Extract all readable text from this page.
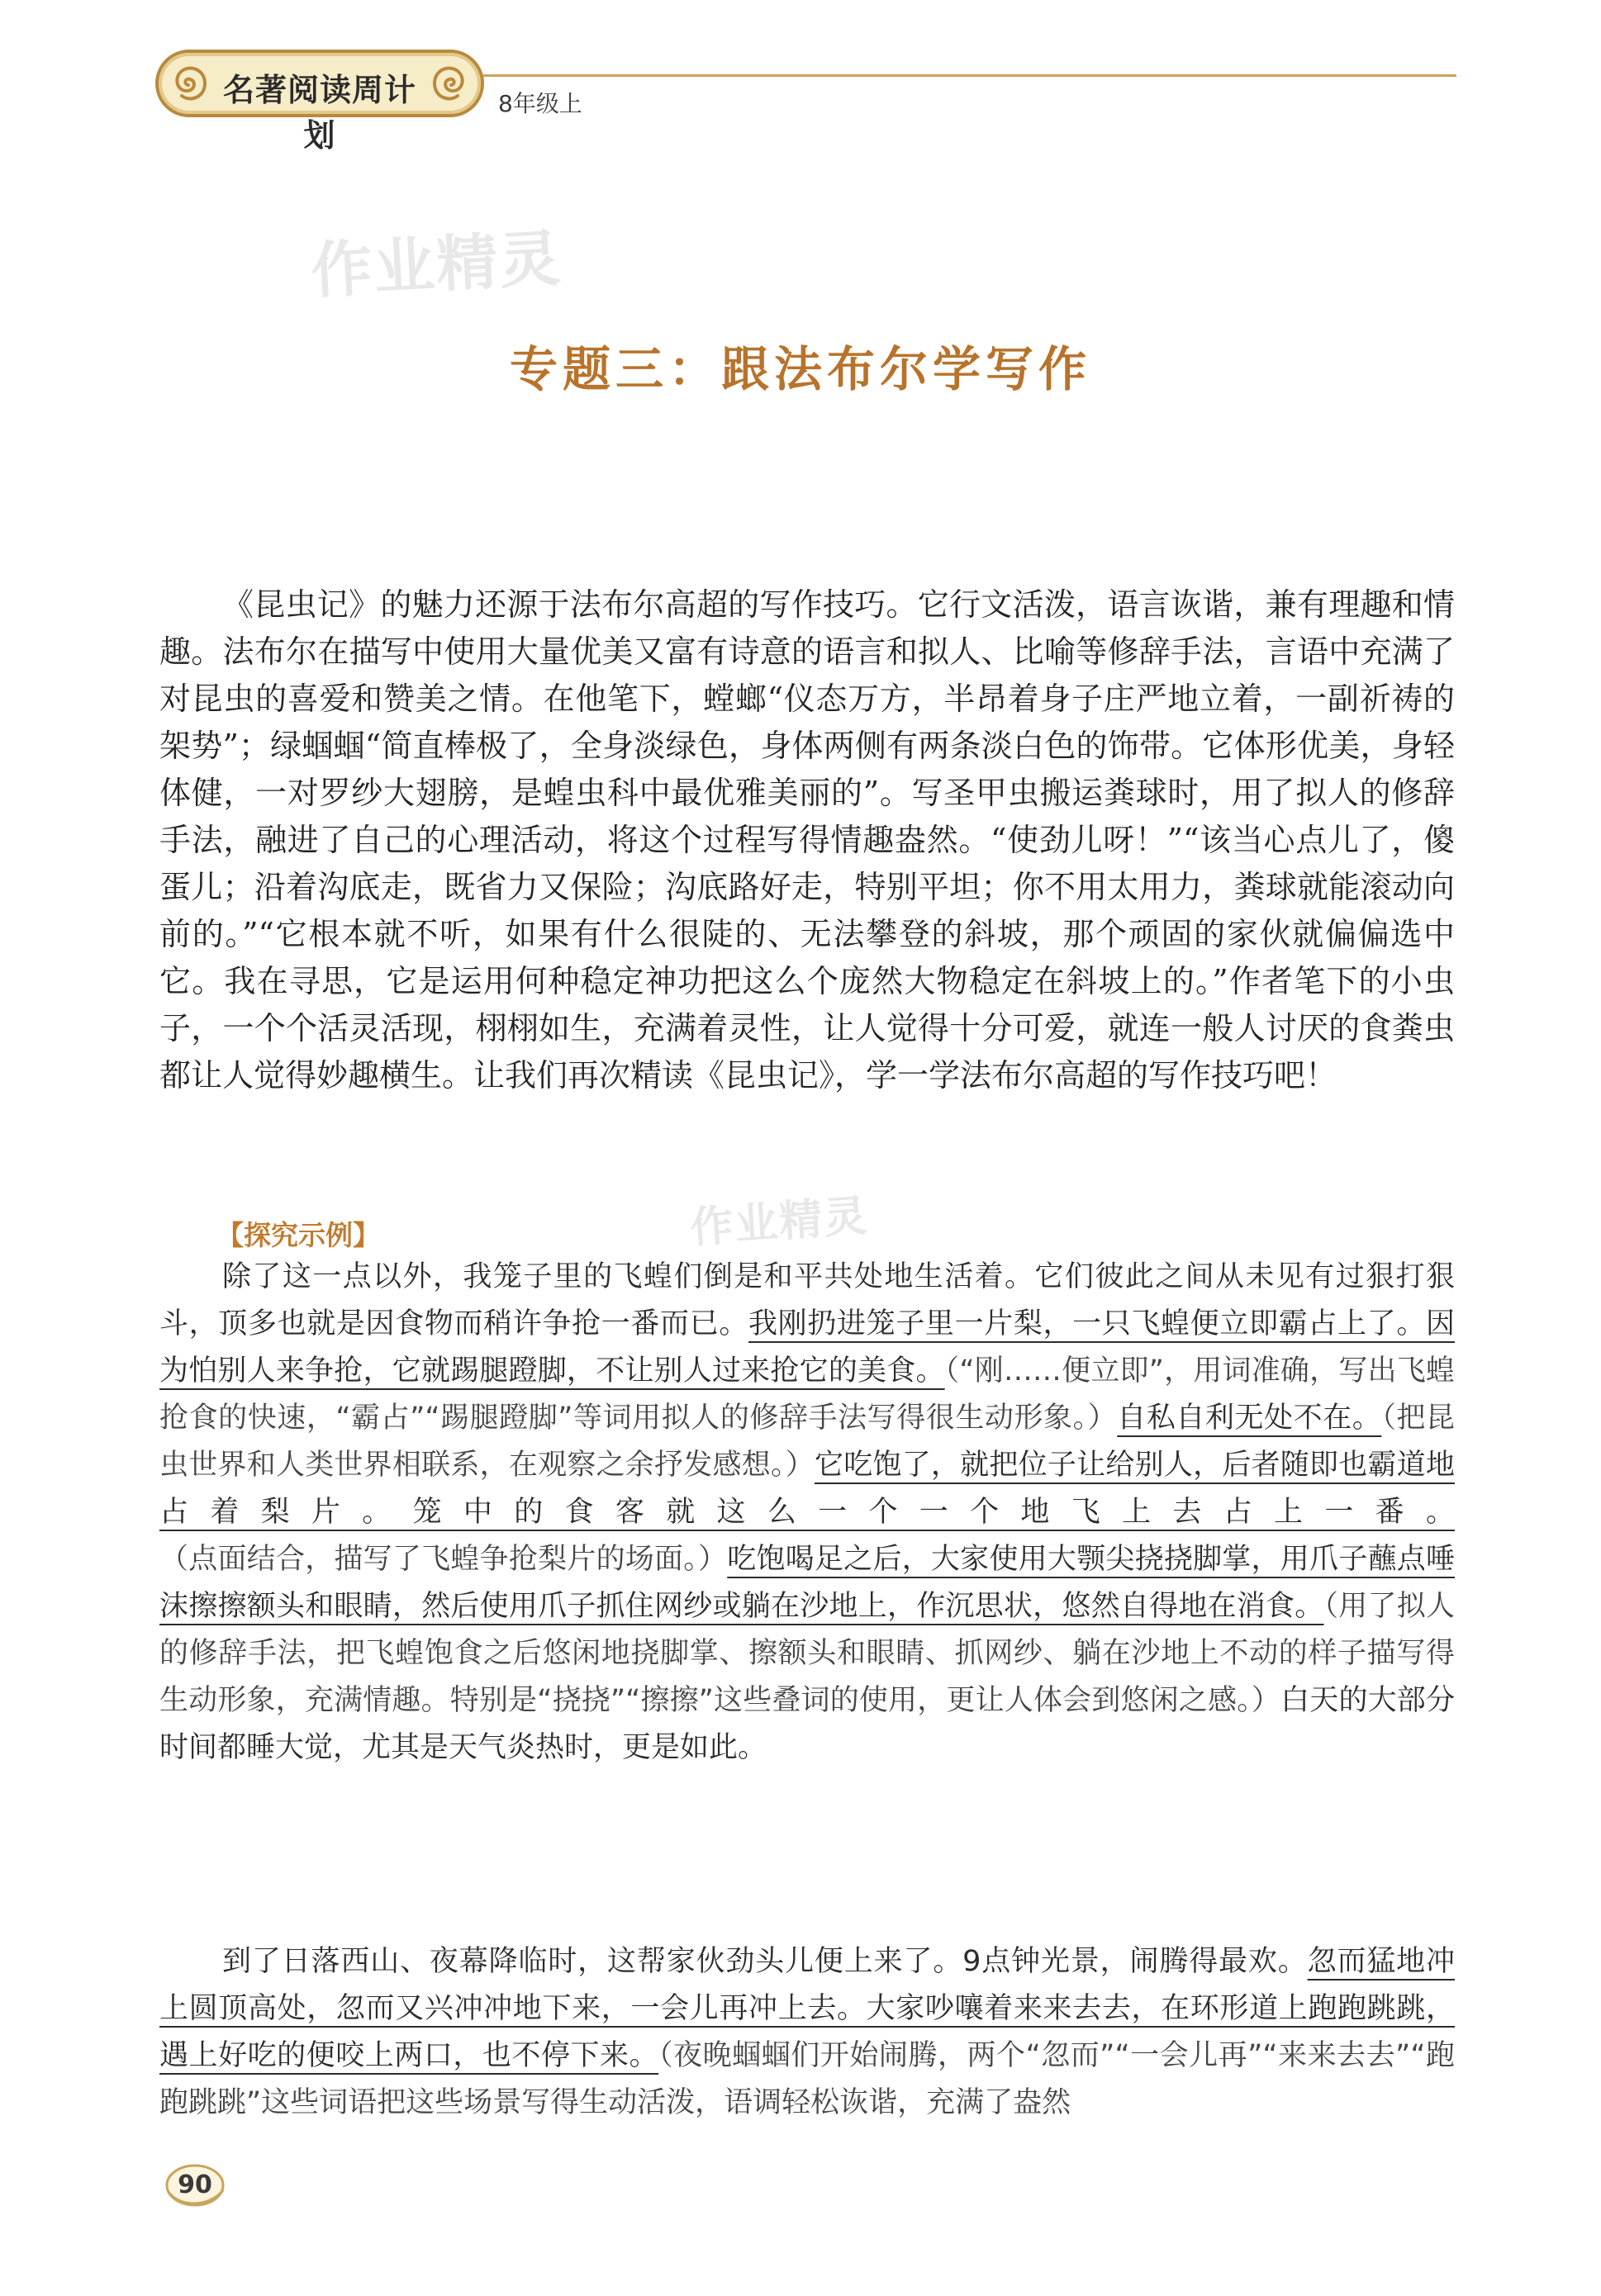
名著阅读周计划
8年级上
作业精灵
作业精灵
专题三：跟法布尔学写作

《昆虫记》的魅力还源于法布尔高超的写作技巧。它行文活泼，语言诙谐，兼有理趣和情趣。法布尔在描写中使用大量优美又富有诗意的语言和拟人、比喻等修辞手法，言语中充满了对昆虫的喜爱和赞美之情。在他笔下，螳螂“仪态万方，半昂着身子庄严地立着，一副祈祷的架势”；绿蝈蝈“简直棒极了，全身淡绿色，身体两侧有两条淡白色的饰带。它体形优美，身轻体健，一对罗纱大翅膀，是蝗虫科中最优雅美丽的”。写圣甲虫搬运粪球时，用了拟人的修辞手法，融进了自己的心理活动，将这个过程写得情趣盎然。“使劲儿呀！”“该当心点儿了，傻蛋儿；沿着沟底走，既省力又保险；沟底路好走，特别平坦；你不用太用力，粪球就能滚动向前的。”“它根本就不听，如果有什么很陡的、无法攀登的斜坡，那个顽固的家伙就偏偏选中它。我在寻思，它是运用何种稳定神功把这么个庞然大物稳定在斜坡上的。”作者笔下的小虫子，一个个活灵活现，栩栩如生，充满着灵性，让人觉得十分可爱，就连一般人讨厌的食粪虫都让人觉得妙趣横生。让我们再次精读《昆虫记》，学一学法布尔高超的写作技巧吧！

【探究示例】

除了这一点以外，我笼子里的飞蝗们倒是和平共处地生活着。它们彼此之间从未见有过狠打狠斗，顶多也就是因食物而稍许争抢一番而已。我刚扔进笼子里一片梨，一只飞蝗便立即霸占上了。因为怕别人来争抢，它就踢腿蹬脚，不让别人过来抢它的美食。（“刚……便立即”，用词准确，写出飞蝗抢食的快速，“霸占”“踢腿蹬脚”等词用拟人的修辞手法写得很生动形象。）自私自利无处不在。（把昆虫世界和人类世界相联系，在观察之余抒发感想。）它吃饱了，就把位子让给别人，后者随即也霸道地占着梨片。笼中的食客就这么一个一个地飞上去占上一番。（点面结合，描写了飞蝗争抢梨片的场面。）吃饱喝足之后，大家使用大颚尖挠挠脚掌，用爪子蘸点唾沫擦擦额头和眼睛，然后使用爪子抓住网纱或躺在沙地上，作沉思状，悠然自得地在消食。（用了拟人的修辞手法，把飞蝗饱食之后悠闲地挠脚掌、擦额头和眼睛、抓网纱、躺在沙地上不动的样子描写得生动形象，充满情趣。特别是“挠挠”“擦擦”这些叠词的使用，更让人体会到悠闲之感。）白天的大部分时间都睡大觉，尤其是天气炎热时，更是如此。

到了日落西山、夜幕降临时，这帮家伙劲头儿便上来了。9点钟光景，闹腾得最欢。忽而猛地冲上圆顶高处，忽而又兴冲冲地下来，一会儿再冲上去。大家吵嚷着来来去去，在环形道上跑跑跳跳，遇上好吃的便咬上两口，也不停下来。（夜晚蝈蝈们开始闹腾，两个“忽而”“一会儿再”“来来去去”“跑跑跳跳”这些词语把这些场景写得生动活泼，语调轻松诙谐，充满了盎然

90
